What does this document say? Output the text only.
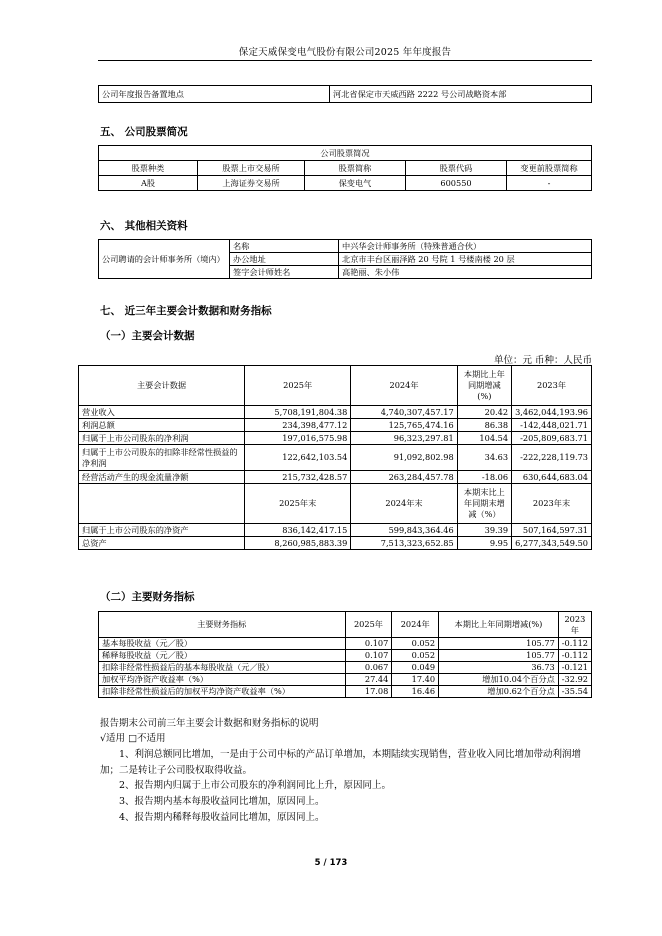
保定天威保变电气股份有限公司2025 年年度报告
公司年度报告备置地点	河北省保定市天威西路 2222 号公司战略资本部
五、 公司股票简况
公司股票简况				
股票种类	股票上市交易所	股票简称	股票代码	变更前股票简称
A股	上海证券交易所	保变电气	600550	-
六、 其他相关资料
公司聘请的会计师事务所（境内）	名称	中兴华会计师事务所（特殊普通合伙）
	办公地址	北京市丰台区丽泽路 20 号院 1 号楼南楼 20 层
	签字会计师姓名	高艳丽、朱小伟
七、 近三年主要会计数据和财务指标
（一）主要会计数据
单位：元 币种：人民币
主要会计数据	2025年	2024年	本期比上年同期增减(%)	2023年
营业收入	5,708,191,804.38	4,740,307,457.17	20.42	3,462,044,193.96
利润总额	234,398,477.12	125,765,474.16	86.38	-142,448,021.71
归属于上市公司股东的净利润	197,016,575.98	96,323,297.81	104.54	-205,809,683.71
归属于上市公司股东的扣除非经常性损益的净利润	122,642,103.54	91,092,802.98	34.63	-222,228,119.73
经营活动产生的现金流量净额	215,732,428.57	263,284,457.78	-18.06	630,644,683.04
	2025年末	2024年末	本期末比上年同期末增减（%）	2023年末
归属于上市公司股东的净资产	836,142,417.15	599,843,364.46	39.39	507,164,597.31
总资产	8,260,985,883.39	7,513,323,652.85	9.95	6,277,343,549.50
（二）主要财务指标
主要财务指标	2025年	2024年	本期比上年同期增减(%)	2023年
基本每股收益（元／股）	0.107	0.052	105.77	-0.112
稀释每股收益（元／股）	0.107	0.052	105.77	-0.112
扣除非经常性损益后的基本每股收益（元／股）	0.067	0.049	36.73	-0.121
加权平均净资产收益率（%）	27.44	17.40	增加10.04个百分点	-32.92
扣除非经常性损益后的加权平均净资产收益率（%）	17.08	16.46	增加0.62个百分点	-35.54
报告期末公司前三年主要会计数据和财务指标的说明
√适用 □不适用
1、利润总额同比增加，一是由于公司中标的产品订单增加，本期陆续实现销售，营业收入同比增加带动利润增加；二是转让子公司股权取得收益。
2、报告期内归属于上市公司股东的净利润同比上升，原因同上。
3、报告期内基本每股收益同比增加，原因同上。
4、报告期内稀释每股收益同比增加，原因同上。
5 / 173
